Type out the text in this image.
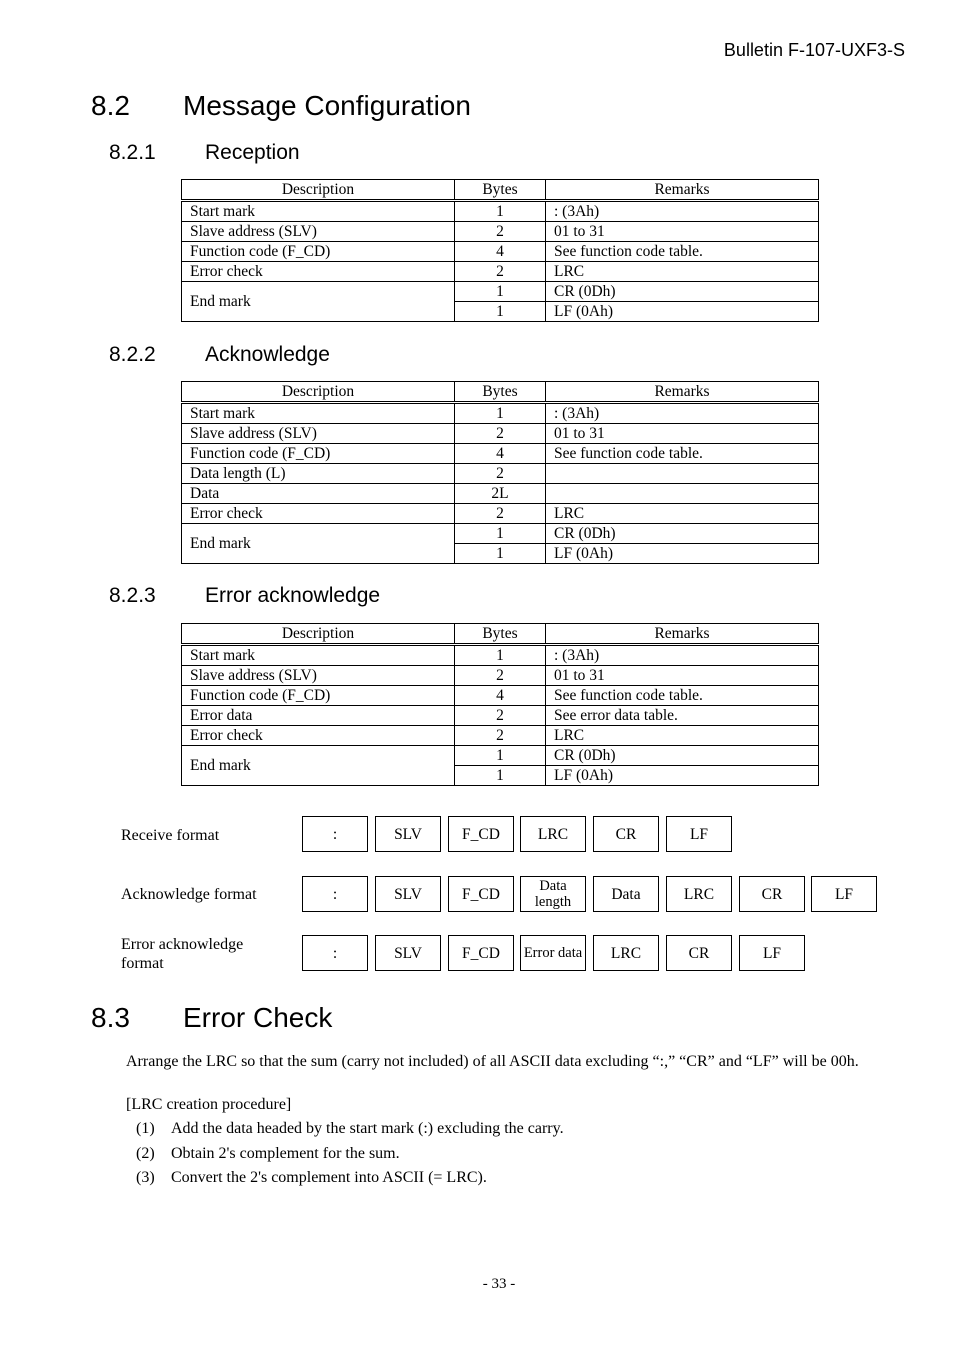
Bulletin F-107-UXF3-S
8.2 Message Configuration
8.2.1 Reception
Description	Bytes	Remarks
Start mark	1	: (3Ah)
Slave address (SLV)	2	01 to 31
Function code (F_CD)	4	See function code table.
Error check	2	LRC
End mark	1	CR (0Dh)
	1	LF (0Ah)
8.2.2 Acknowledge
Description	Bytes	Remarks
Start mark	1	: (3Ah)
Slave address (SLV)	2	01 to 31
Function code (F_CD)	4	See function code table.
Data length (L)	2	
Data	2L	
Error check	2	LRC
End mark	1	CR (0Dh)
	1	LF (0Ah)
8.2.3 Error acknowledge
Description	Bytes	Remarks
Start mark	1	: (3Ah)
Slave address (SLV)	2	01 to 31
Function code (F_CD)	4	See function code table.
Error data	2	See error data table.
Error check	2	LRC
End mark	1	CR (0Dh)
	1	LF (0Ah)
Receive format	:	SLV	F_CD	LRC	CR	LF
Acknowledge format	:	SLV	F_CD	Data length	Data	LRC	CR	LF
Error acknowledge
format
:	SLV	F_CD	Error data	LRC	CR	LF
8.3 Error Check
Arrange the LRC so that the sum (carry not included) of all ASCII data excluding “:,” “CR” and “LF” will be 00h.
[LRC creation procedure]
(1) Add the data headed by the start mark (:) excluding the carry.
(2) Obtain 2's complement for the sum.
(3) Convert the 2's complement into ASCII (= LRC).
- 33 -
